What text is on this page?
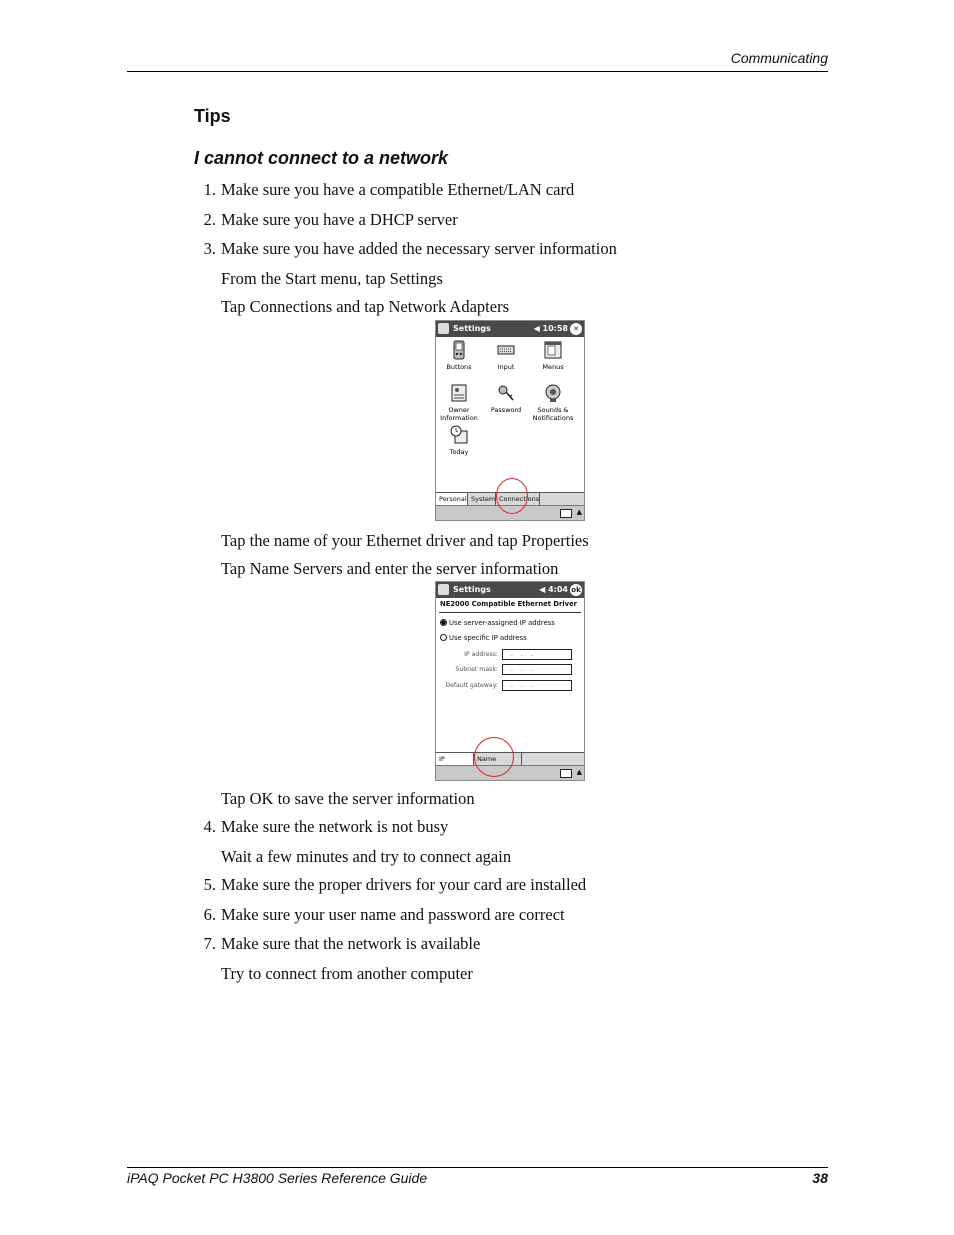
Communicating
Tips
I cannot connect to a network
1. Make sure you have a compatible Ethernet/LAN card
2. Make sure you have a DHCP server
3. Make sure you have added the necessary server information
From the Start menu, tap Settings
Tap Connections and tap Network Adapters
Settings	◀ 10:58 ✕
Buttons	Input	Menus
Owner Information
Password	Sounds & Notifications
Today
Personal System Connections
▲
Tap the name of your Ethernet driver and tap Properties
Tap Name Servers and enter the server information
Settings	◀ 4:04 ok
NE2000 Compatible Ethernet Driver
Use server-assigned IP address
Use specific IP address
IP address:	...
Subnet mask:	...
Default gateway:	...
IP	Name
▲
Tap OK to save the server information
4. Make sure the network is not busy
Wait a few minutes and try to connect again
5. Make sure the proper drivers for your card are installed
6. Make sure your user name and password are correct
7. Make sure that the network is available
Try to connect from another computer
iPAQ Pocket PC H3800 Series Reference Guide	38
